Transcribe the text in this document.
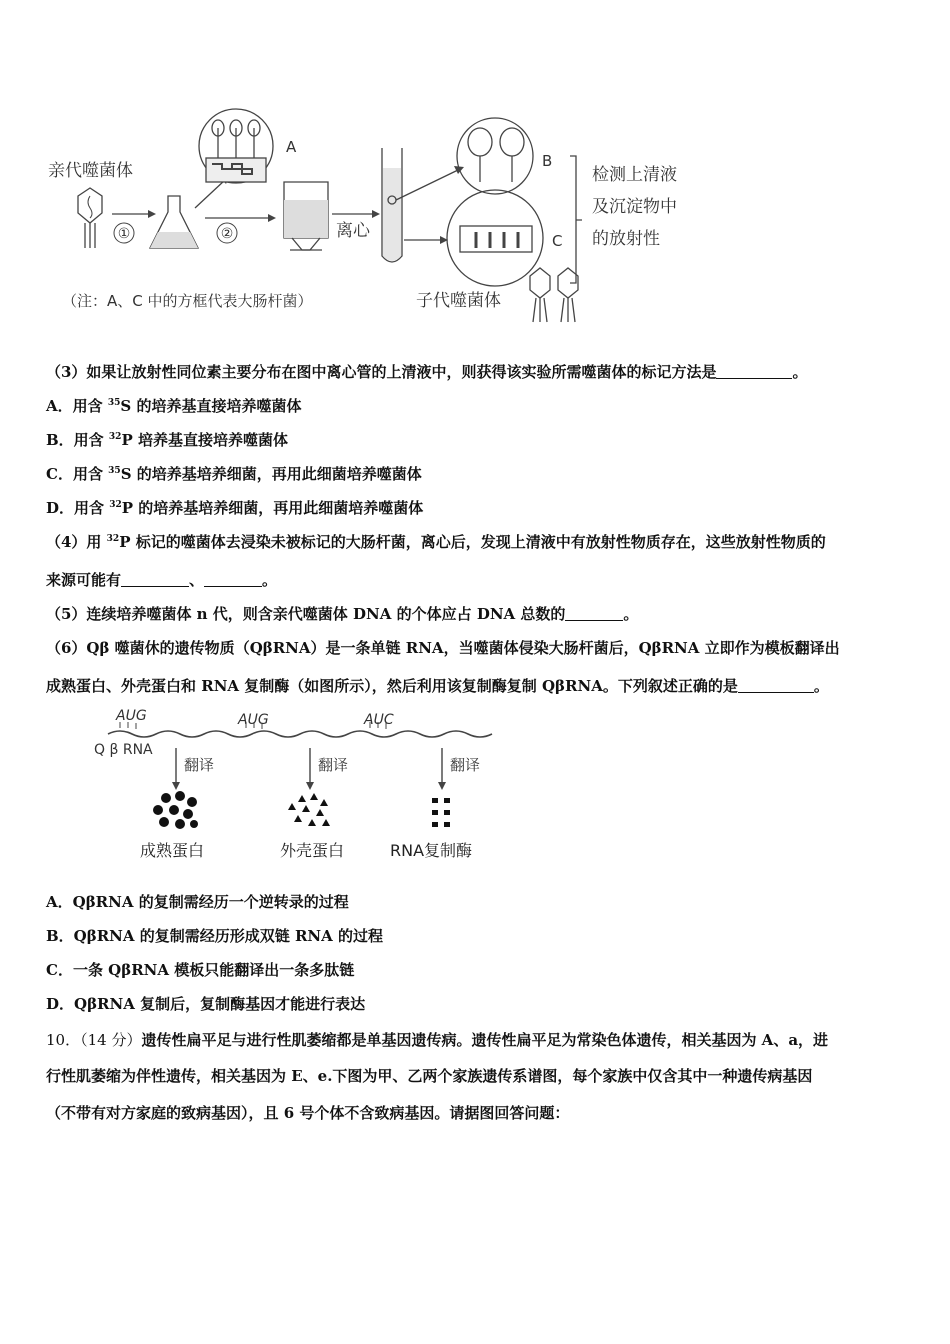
亲代噬菌体
①	②
A
离心
B
C
检测上清液
及沉淀物中
的放射性
子代噬菌体
（注：A、C 中的方框代表大肠杆菌）
（3）如果让放射性同位素主要分布在图中离心管的上清液中，则获得该实验所需噬菌体的标记方法是	。
A．用含 $^{35}$S 的培养基直接培养噬菌体
B．用含 $^{32}$P 培养基直接培养噬菌体
C．用含 $^{35}$S 的培养基培养细菌，再用此细菌培养噬菌体
D．用含 $^{32}$P 的培养基培养细菌，再用此细菌培养噬菌体
（4）用 $^{32}$P 标记的噬菌体去浸染未被标记的大肠杆菌，离心后，发现上清液中有放射性物质存在，这些放射性物质的
来源可能有	、	。
（5）连续培养噬菌体 n 代，则含亲代噬菌体 DNA 的个体应占 DNA 总数的	。
（6）Qβ 噬菌休的遗传物质（QβRNA）是一条单链 RNA，当噬菌体侵染大肠杆菌后，QβRNA 立即作为模板翻译出
成熟蛋白、外壳蛋白和 RNA 复制酶（如图所示），然后利用该复制酶复制 QβRNA。下列叙述正确的是	。
AUG	AUG	AUC
Q β RNA
翻译	翻译	翻译
成熟蛋白	外壳蛋白	RNA复制酶
A．QβRNA 的复制需经历一个逆转录的过程
B．QβRNA 的复制需经历形成双链 RNA 的过程
C．一条 QβRNA 模板只能翻译出一条多肽链
D．QβRNA 复制后，复制酶基因才能进行表达
10．（14 分）遗传性扁平足与进行性肌萎缩都是单基因遗传病。遗传性扁平足为常染色体遗传，相关基因为 A、a，进
行性肌萎缩为伴性遗传，相关基因为 E、e.下图为甲、乙两个家族遗传系谱图，每个家族中仅含其中一种遗传病基因
（不带有对方家庭的致病基因），且 6 号个体不含致病基因。请据图回答问题：
